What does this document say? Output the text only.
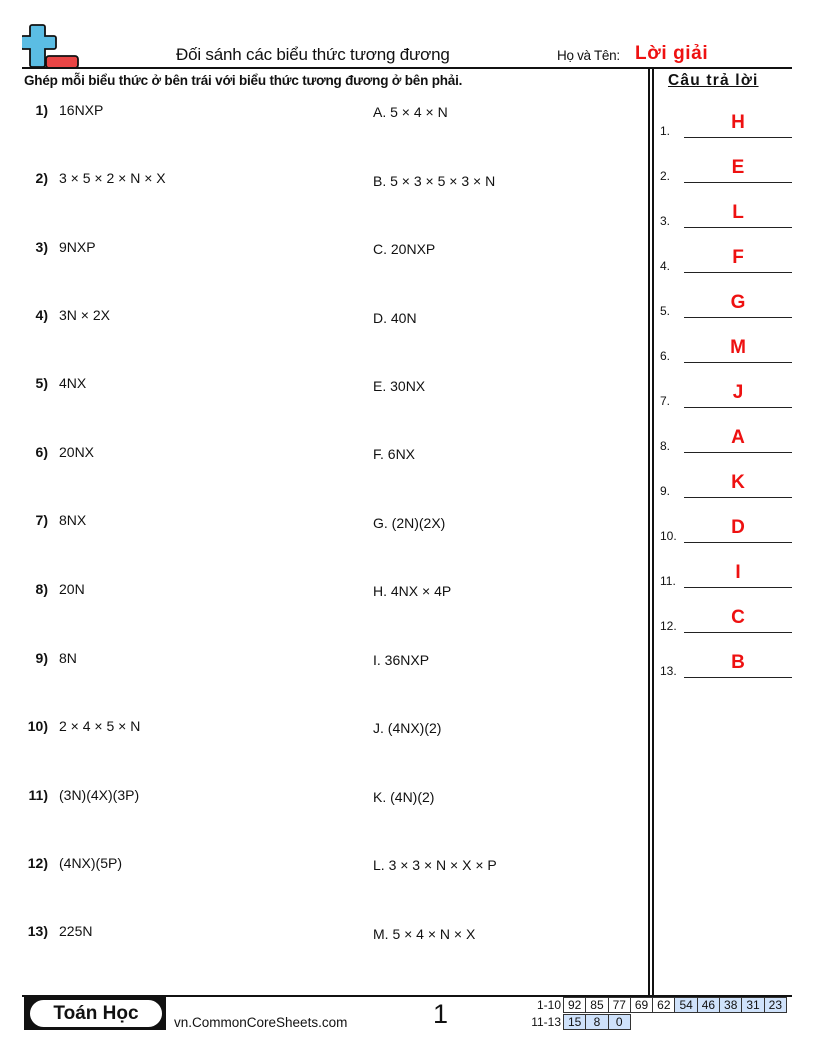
Đối sánh các biểu thức tương đương	Họ và Tên: Lời giải
Ghép mỗi biểu thức ở bên trái với biểu thức tương đương ở bên phải.	Câu trả lời
1) 16NXP
2) 3 × 5 × 2 × N × X
3) 9NXP
4) 3N × 2X
5) 4NX
6) 20NX
7) 8NX
8) 20N
9) 8N
10) 2 × 4 × 5 × N
11) (3N)(4X)(3P)
12) (4NX)(5P)
13) 225N
A. 5 × 4 × N
B. 5 × 3 × 5 × 3 × N
C. 20NXP
D. 40N
E. 30NX
F. 6NX
G. (2N)(2X)
H. 4NX × 4P
I. 36NXP
J. (4NX)(2)
K. (4N)(2)
L. 3 × 3 × N × X × P
M. 5 × 4 × N × X
1.	H
2.	E
3.	L
4.	F
5.	G
6.	M
7.	J
8.	A
9.	K
10.	D
11.	I
12.	C
13.	B
Toán Học	vn.CommonCoreSheets.com	1	1-10 92 85 77 69 62 54 46 38 31 23
11-13 15	8	0
